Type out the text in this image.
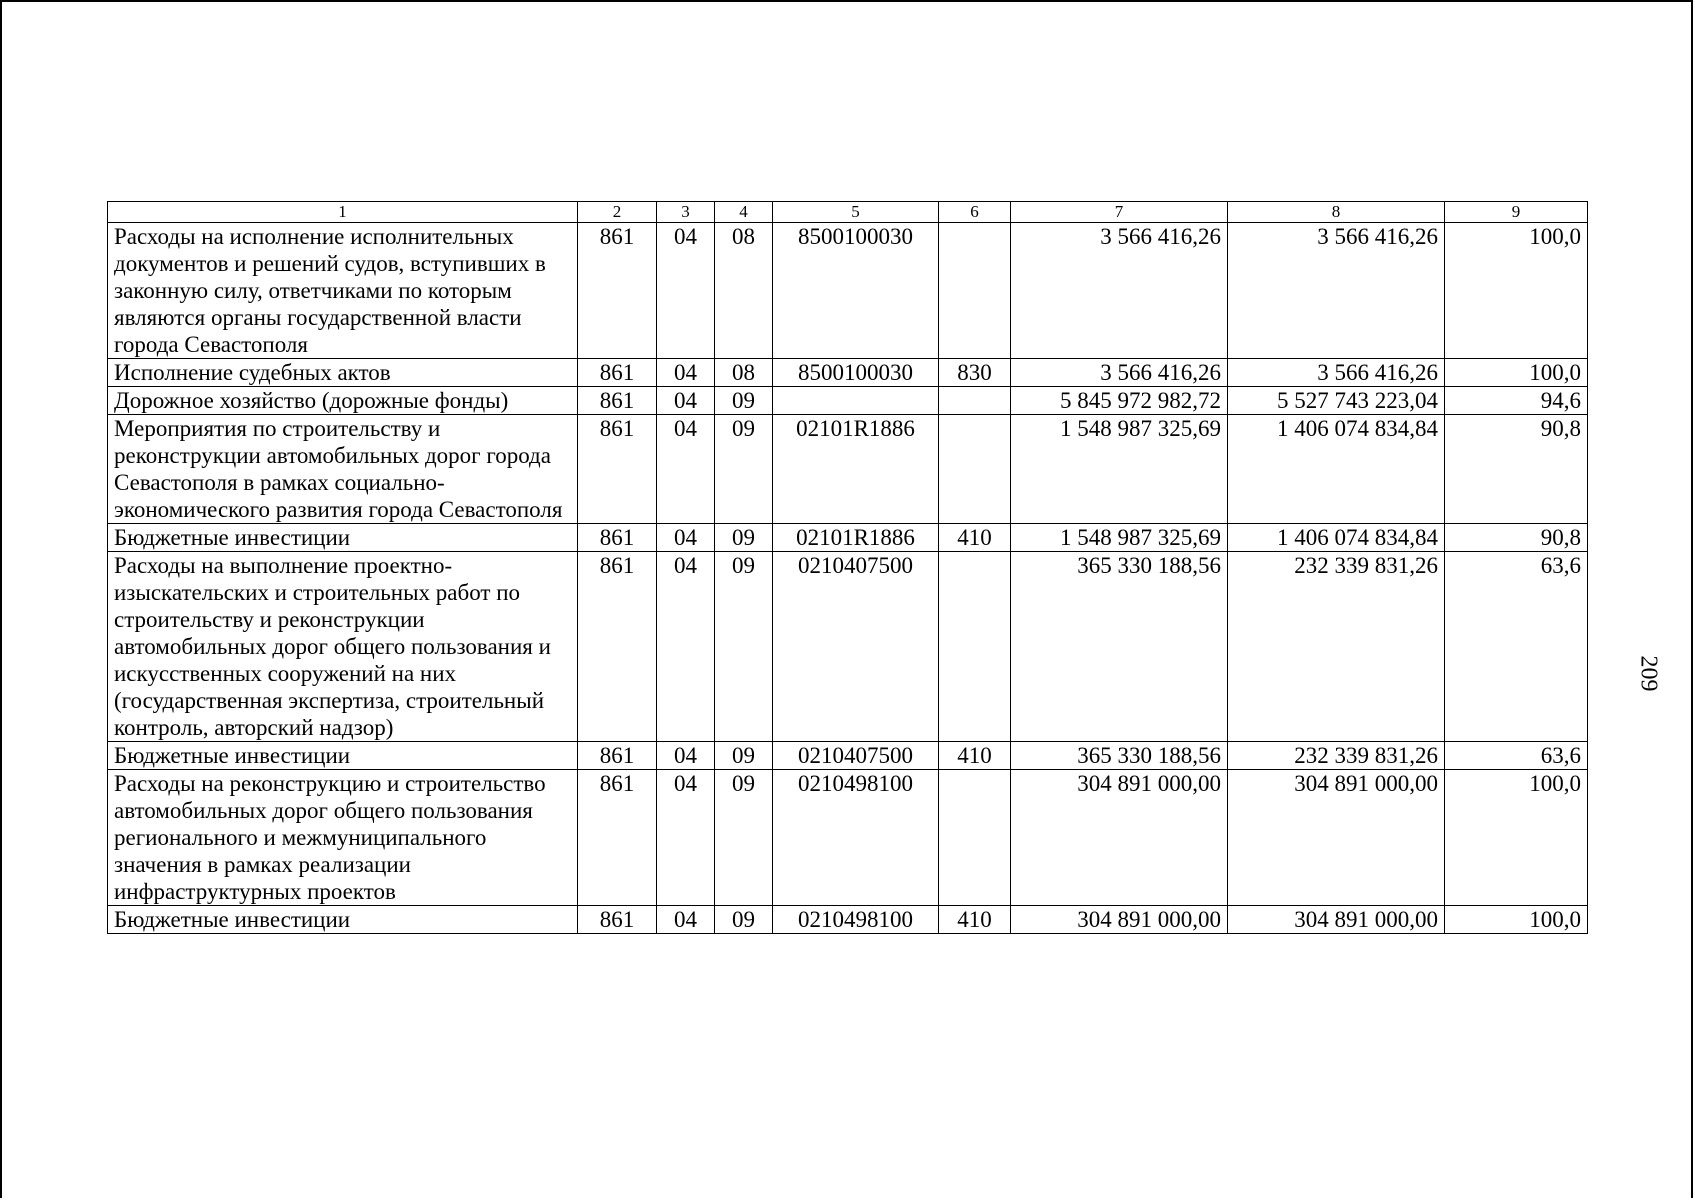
1	2	3	4	5	6	7	8	9
Расходы на исполнение исполнительных документов и решений судов, вступивших в законную силу, ответчиками по которым являются органы государственной власти города Севастополя	861	04	08	8500100030		3 566 416,26	3 566 416,26	100,0
Исполнение судебных актов	861	04	08	8500100030	830	3 566 416,26	3 566 416,26	100,0
Дорожное хозяйство (дорожные фонды)	861	04	09			5 845 972 982,72	5 527 743 223,04	94,6
Мероприятия по строительству и реконструкции автомобильных дорог города Севастополя в рамках социально-экономического развития города Севастополя	861	04	09	02101R1886		1 548 987 325,69	1 406 074 834,84	90,8
Бюджетные инвестиции	861	04	09	02101R1886	410	1 548 987 325,69	1 406 074 834,84	90,8
Расходы на выполнение проектно-изыскательских и строительных работ по строительству и реконструкции автомобильных дорог общего пользования и искусственных сооружений на них (государственная экспертиза, строительный контроль, авторский надзор)	861	04	09	0210407500		365 330 188,56	232 339 831,26	63,6
Бюджетные инвестиции	861	04	09	0210407500	410	365 330 188,56	232 339 831,26	63,6
Расходы на реконструкцию и строительство автомобильных дорог общего пользования регионального и межмуниципального значения в рамках реализации инфраструктурных проектов	861	04	09	0210498100		304 891 000,00	304 891 000,00	100,0
Бюджетные инвестиции	861	04	09	0210498100	410	304 891 000,00	304 891 000,00	100,0
209
